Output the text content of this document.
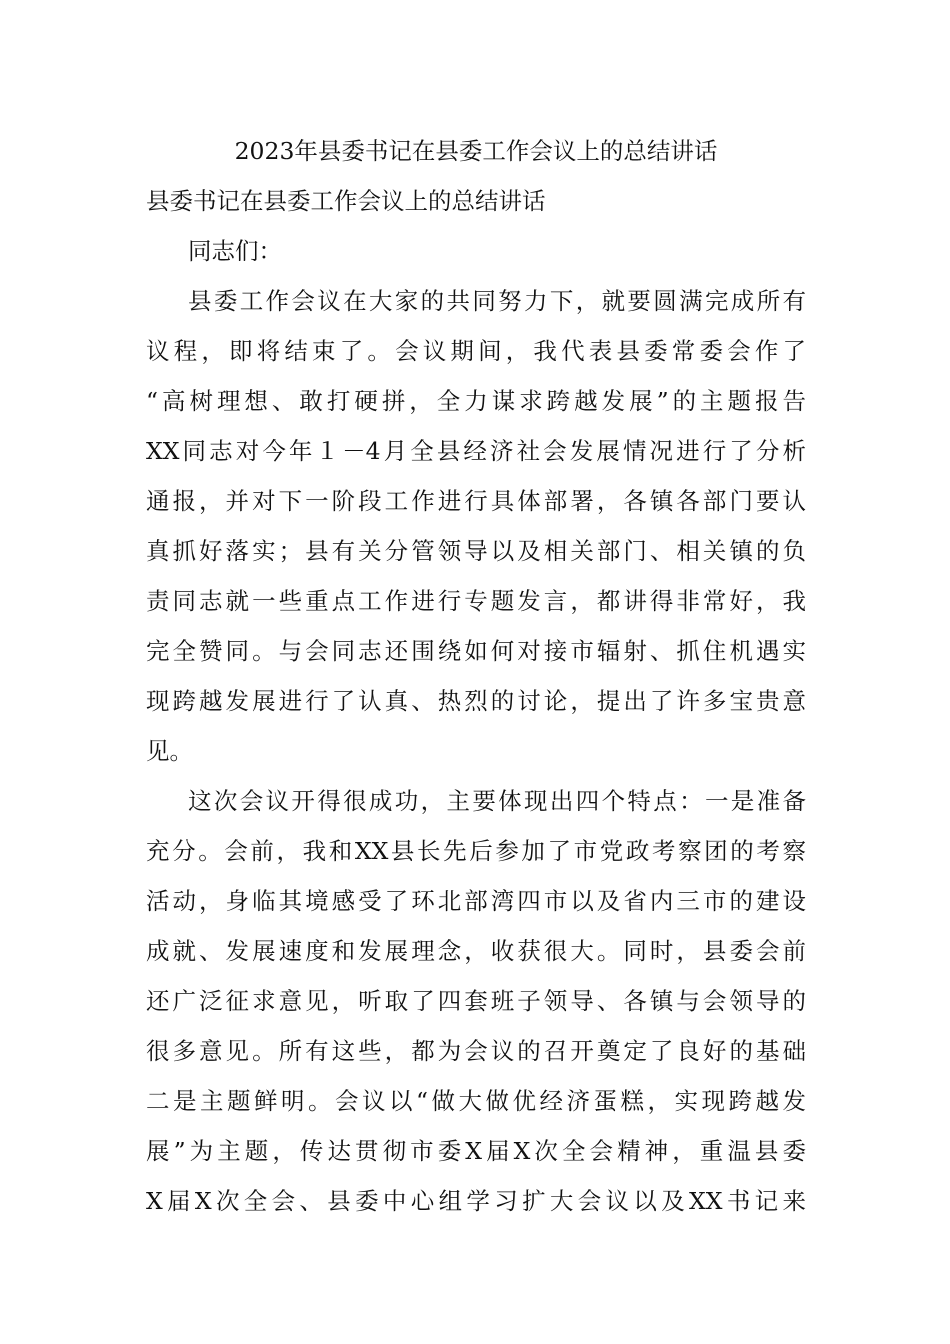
2023年县委书记在县委工作会议上的总结讲话
县委书记在县委工作会议上的总结讲话
同志们：
县委工作会议在大家的共同努力下，就要圆满完成所有
议程，即将结束了。会议期间，我代表县委常委会作了
“高树理想、敢打硬拼，全力谋求跨越发展”的主题报告
XX同志对今年１－4月全县经济社会发展情况进行了分析
通报，并对下一阶段工作进行具体部署，各镇各部门要认
真抓好落实；县有关分管领导以及相关部门、相关镇的负
责同志就一些重点工作进行专题发言，都讲得非常好，我
完全赞同。与会同志还围绕如何对接市辐射、抓住机遇实
现跨越发展进行了认真、热烈的讨论，提出了许多宝贵意
见。
这次会议开得很成功，主要体现出四个特点：一是准备
充分。会前，我和XX县长先后参加了市党政考察团的考察
活动，身临其境感受了环北部湾四市以及省内三市的建设
成就、发展速度和发展理念，收获很大。同时，县委会前
还广泛征求意见，听取了四套班子领导、各镇与会领导的
很多意见。所有这些，都为会议的召开奠定了良好的基础
二是主题鲜明。会议以“做大做优经济蛋糕，实现跨越发
展”为主题，传达贯彻市委X届X次全会精神，重温县委
X届X次全会、县委中心组学习扩大会议以及XX书记来
